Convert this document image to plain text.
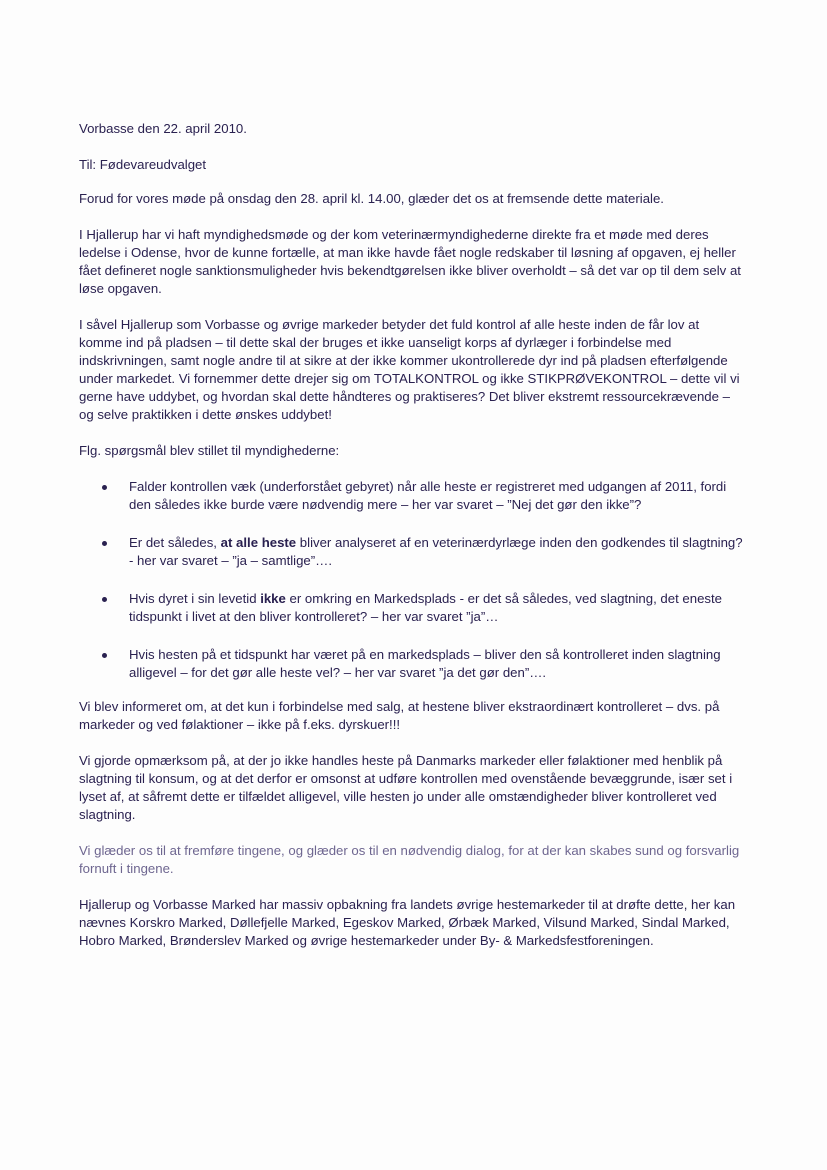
Vorbasse den 22. april 2010.

Til: Fødevareudvalget

Forud for vores møde på onsdag den 28. april kl. 14.00, glæder det os at fremsende dette materiale.

I Hjallerup har vi haft myndighedsmøde og der kom veterinærmyndighederne direkte fra et møde med deres ledelse i Odense, hvor de kunne fortælle, at man ikke havde fået nogle redskaber til løsning af opgaven, ej heller fået defineret nogle sanktionsmuligheder hvis bekendtgørelsen ikke bliver overholdt – så det var op til dem selv at løse opgaven.

I såvel Hjallerup som Vorbasse og øvrige markeder betyder det fuld kontrol af alle heste inden de får lov at komme ind på pladsen – til dette skal der bruges et ikke uanseligt korps af dyrlæger i forbindelse med indskrivningen, samt nogle andre til at sikre at der ikke kommer ukontrollerede dyr ind på pladsen efterfølgende under markedet. Vi fornemmer dette drejer sig om TOTALKONTROL og ikke STIKPRØVEKONTROL – dette vil vi gerne have uddybet, og hvordan skal dette håndteres og praktiseres? Det bliver ekstremt ressourcekrævende – og selve praktikken i dette ønskes uddybet!

Flg. spørgsmål blev stillet til myndighederne:

Falder kontrollen væk (underforstået gebyret) når alle heste er registreret med udgangen af 2011, fordi den således ikke burde være nødvendig mere – her var svaret – ”Nej det gør den ikke”?
Er det således, at alle heste bliver analyseret af en veterinærdyrlæge inden den godkendes til slagtning?- her var svaret – ”ja – samtlige”….
Hvis dyret i sin levetid ikke er omkring en Markedsplads - er det så således, ved slagtning, det eneste tidspunkt i livet at den bliver kontrolleret? – her var svaret ”ja”…
Hvis hesten på et tidspunkt har været på en markedsplads – bliver den så kontrolleret inden slagtning alligevel – for det gør alle heste vel? – her var svaret ”ja det gør den”….

Vi blev informeret om, at det kun i forbindelse med salg, at hestene bliver ekstraordinært kontrolleret – dvs. på markeder og ved følaktioner – ikke på f.eks. dyrskuer!!!

Vi gjorde opmærksom på, at der jo ikke handles heste på Danmarks markeder eller følaktioner med henblik på slagtning til konsum, og at det derfor er omsonst at udføre kontrollen med ovenstående bevæggrunde, især set i lyset af, at såfremt dette er tilfældet alligevel, ville hesten jo under alle omstændigheder bliver kontrolleret ved slagtning.

Vi glæder os til at fremføre tingene, og glæder os til en nødvendig dialog, for at der kan skabes sund og forsvarlig fornuft i tingene.

Hjallerup og Vorbasse Marked har massiv opbakning fra landets øvrige hestemarkeder til at drøfte dette, her kan nævnes Korskro Marked, Døllefjelle Marked, Egeskov Marked, Ørbæk Marked, Vilsund Marked, Sindal Marked, Hobro Marked, Brønderslev Marked og øvrige hestemarkeder under By- & Markedsfestforeningen.
